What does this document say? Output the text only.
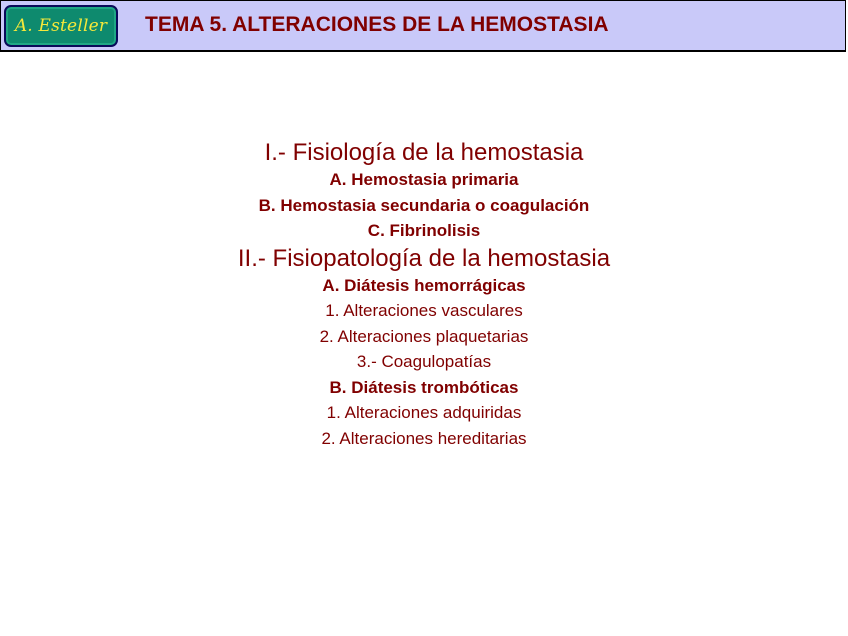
A. Esteller	TEMA 5. ALTERACIONES DE LA HEMOSTASIA
I.- Fisiología de la hemostasia
A. Hemostasia primaria
B. Hemostasia secundaria o coagulación
C. Fibrinolisis
II.- Fisiopatología de la hemostasia
A. Diátesis hemorrágicas
1. Alteraciones vasculares
2. Alteraciones plaquetarias
3.- Coagulopatías
B. Diátesis trombóticas
1. Alteraciones adquiridas
2. Alteraciones hereditarias
